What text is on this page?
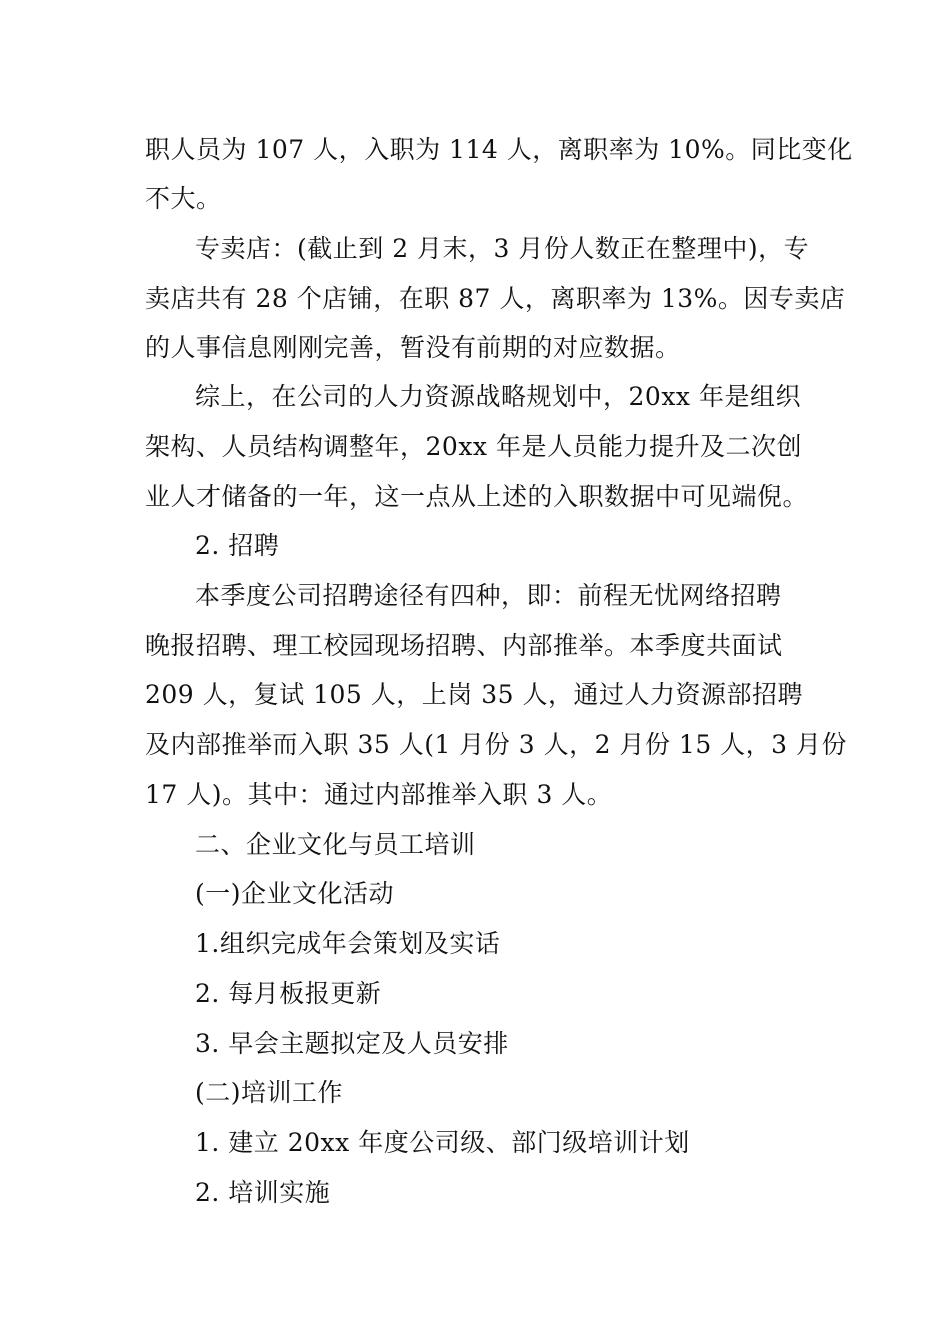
职人员为 107 人，入职为 114 人，离职率为 10%。同比变化
不大。
专卖店：(截止到 2 月末，3 月份人数正在整理中)，专
卖店共有 28 个店铺，在职 87 人，离职率为 13%。因专卖店
的人事信息刚刚完善，暂没有前期的对应数据。
综上，在公司的人力资源战略规划中，20xx 年是组织
架构、人员结构调整年，20xx 年是人员能力提升及二次创
业人才储备的一年，这一点从上述的入职数据中可见端倪。
2. 招聘
本季度公司招聘途径有四种，即：前程无忧网络招聘
晚报招聘、理工校园现场招聘、内部推举。本季度共面试
209 人，复试 105 人，上岗 35 人，通过人力资源部招聘
及内部推举而入职 35 人(1 月份 3 人，2 月份 15 人，3 月份
17 人)。其中：通过内部推举入职 3 人。
二、企业文化与员工培训
(一)企业文化活动
1.组织完成年会策划及实话
2. 每月板报更新
3. 早会主题拟定及人员安排
(二)培训工作
1. 建立 20xx 年度公司级、部门级培训计划
2. 培训实施
